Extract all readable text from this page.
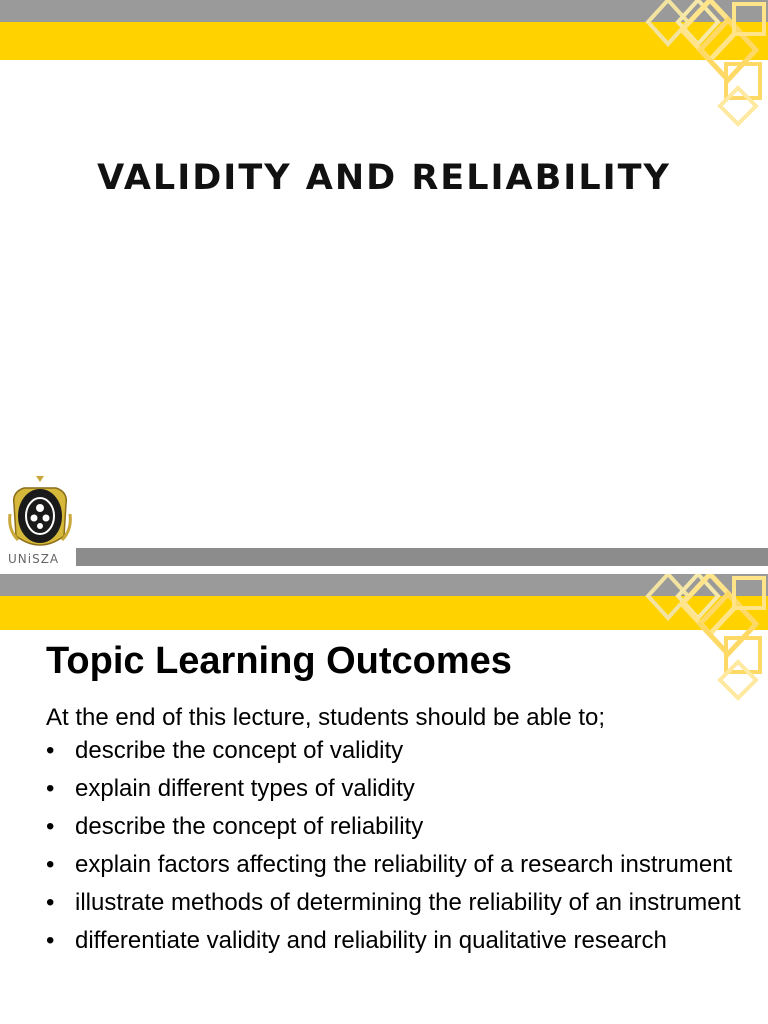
VALIDITY AND RELIABILITY
UNiSZA
Topic Learning Outcomes

At the end of this lecture, students should be able to;

• describe the concept of validity
• explain different types of validity
• describe the concept of reliability
• explain factors affecting the reliability of a research instrument
• illustrate methods of determining the reliability of an instrument
• differentiate validity and reliability in qualitative research
